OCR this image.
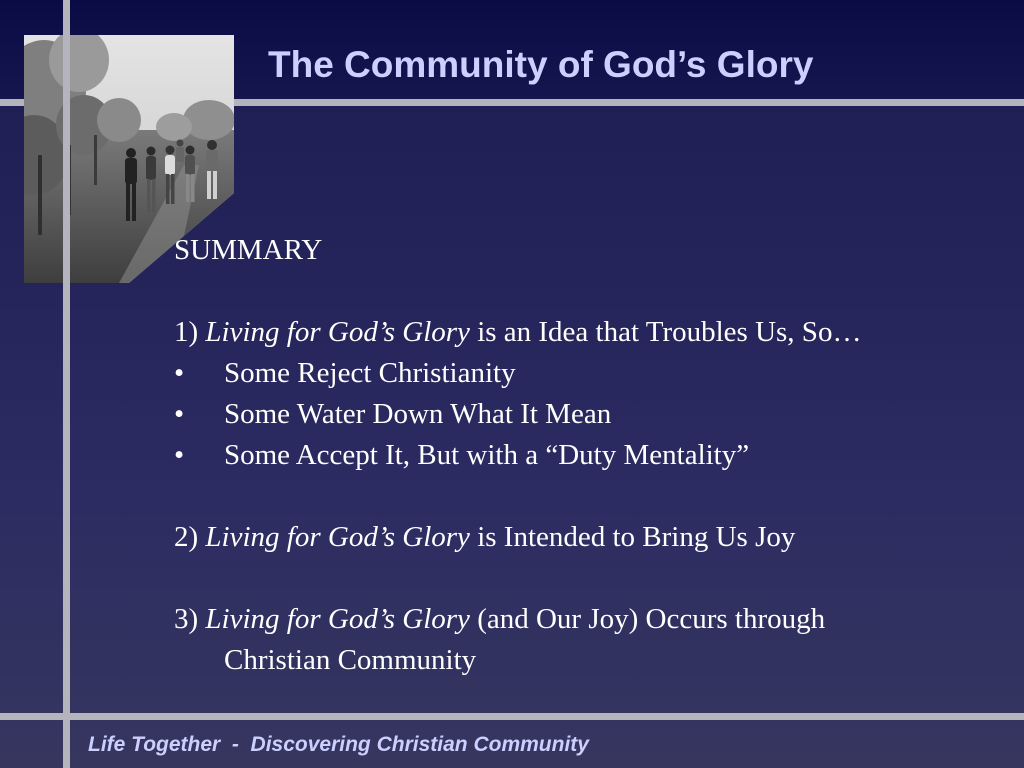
The Community of God’s Glory

SUMMARY

1) Living for God’s Glory is an Idea that Troubles Us, So…

• Some Reject Christianity

• Some Water Down What It Mean

• Some Accept It, But with a “Duty Mentality”

2) Living for God’s Glory is Intended to Bring Us Joy

3) Living for God’s Glory (and Our Joy) Occurs through

Christian Community

Life Together  -  Discovering Christian Community
